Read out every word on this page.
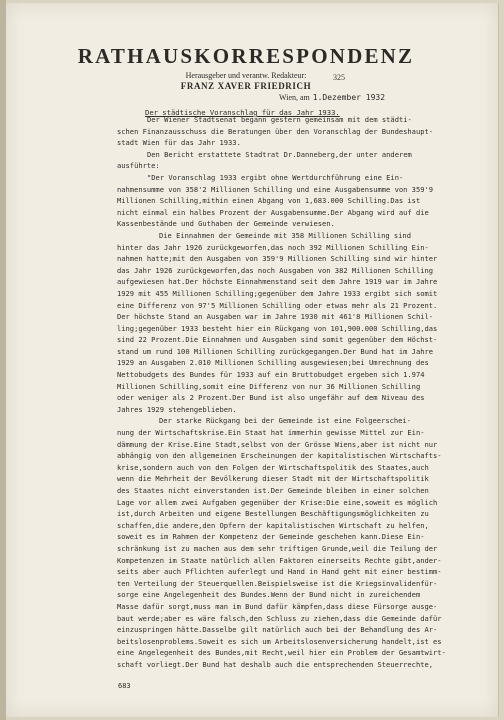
RATHAUSKORRESPONDENZ
Herausgeber und verantw. Redakteur:
FRANZ XAVER FRIEDRICH
325
Wien, am 1.Dezember 1932
Der städtische Voranschlag für das Jahr 1933.
Der Wiener Stadtsenat begann gestern gemeinsam mit dem städti-
schen Finanzausschuss die Beratungen über den Voranschlag der Bundeshaupt-
stadt Wien für das Jahr 1933.
Den Bericht erstattete Stadtrat Dr.Danneberg,der unter anderem
ausführte:
"Der Voranschlag 1933 ergibt ohne Wertdurchführung eine Ein-
nahmensumme von 358'2 Millionen Schilling und eine Ausgabensumme von 359'9
Millionen Schilling,mithin einen Abgang von 1,683.000 Schilling.Das ist
nicht einmal ein halbes Prozent der Ausgabensumme.Der Abgang wird auf die
Kassenbestände und Guthaben der Gemeinde verwiesen.
Die Einnahmen der Gemeinde mit 358 Millionen Schilling sind
hinter das Jahr 1926 zurückgeworfen,das noch 392 Millionen Schilling Ein-
nahmen hatte;mit den Ausgaben von 359'9 Millionen Schilling sind wir hinter
das Jahr 1926 zurückgeworfen,das noch Ausgaben von 382 Millionen Schilling
aufgewiesen hat.Der höchste Einnahmenstand seit dem Jahre 1919 war im Jahre
1929 mit 455 Millionen Schilling;gegenüber dem Jahre 1933 ergibt sich somit
eine Differenz von 97'5 Millionen Schilling oder etwas mehr als 21 Prozent.
Der höchste Stand an Ausgaben war im Jahre 1930 mit 461'8 Millionen Schil-
ling;gegenüber 1933 besteht hier ein Rückgang von 101,900.000 Schilling,das
sind 22 Prozent.Die Einnahmen und Ausgaben sind somit gegenüber dem Höchst-
stand um rund 100 Millionen Schilling zurückgegangen.Der Bund hat im Jahre
1929 an Ausgaben 2.010 Millionen Schilling ausgewiesen;bei Umrechnung des
Nettobudgets des Bundes für 1933 auf ein Bruttobudget ergeben sich 1.974
Millionen Schilling,somit eine Differenz von nur 36 Millionen Schilling
oder weniger als 2 Prozent.Der Bund ist also ungefähr auf dem Niveau des
Jahres 1929 stehengeblieben.
Der starke Rückgang bei der Gemeinde ist eine Folgeerschei-
nung der Wirtschaftskrise.Ein Staat hat immerhin gewisse Mittel zur Ein-
dämmung der Krise.Eine Stadt,selbst von der Grösse Wiens,aber ist nicht nur
abhängig von den allgemeinen Erscheinungen der kapitalistischen Wirtschafts-
krise,sondern auch von den Folgen der Wirtschaftspolitik des Staates,auch
wenn die Mehrheit der Bevölkerung dieser Stadt mit der Wirtschaftspolitik
des Staates nicht einverstanden ist.Der Gemeinde bleiben in einer solchen
Lage vor allem zwei Aufgaben gegenüber der Krise:Die eine,soweit es möglich
ist,durch Arbeiten und eigene Bestellungen Beschäftigungsmöglichkeiten zu
schaffen,die andere,den Opfern der kapitalistischen Wirtschaft zu helfen,
soweit es im Rahmen der Kompetenz der Gemeinde geschehen kann.Diese Ein-
schränkung ist zu machen aus dem sehr triftigen Grunde,weil die Teilung der
Kompetenzen im Staate natürlich allen Faktoren einerseits Rechte gibt,ander-
seits aber auch Pflichten auferlegt und Hand in Hand geht mit einer bestimm-
ten Verteilung der Steuerquellen.Beispielsweise ist die Kriegsinvalidenfür-
sorge eine Angelegenheit des Bundes.Wenn der Bund nicht in zureichendem
Masse dafür sorgt,muss man im Bund dafür kämpfen,dass diese Fürsorge ausge-
baut werde;aber es wäre falsch,den Schluss zu ziehen,dass die Gemeinde dafür
einzuspringen hätte.Dasselbe gilt natürlich auch bei der Behandlung des Ar-
beitslosenproblems.Soweit es sich um Arbeitslosenversicherung handelt,ist es
eine Angelegenheit des Bundes,mit Recht,weil hier ein Problem der Gesamtwirt-
schaft vorliegt.Der Bund hat deshalb auch die entsprechenden Steuerrechte,
683
